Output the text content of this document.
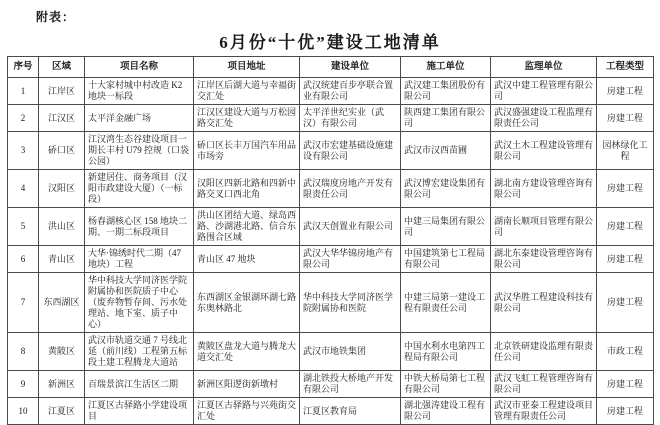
附表：
6月份“十优”建设工地清单
序号	区域	项目名称	项目地址	建设单位	施工单位	监理单位	工程类型
1	江岸区	十大家村城中村改造 K2 地块一标段	江岸区后湖大道与幸福街交汇处	武汉统建百步亭联合置业有限公司	武汉建工集团股份有限公司	武汉中建工程管理有限公司	房建工程
2	江汉区	太平洋金融广场	江汉区建设大道与万松园路交汇处	太平洋世纪实业（武汉）有限公司	陕西建工集团有限公司	武汉盛强建设工程监理有限责任公司	房建工程
3	硚口区	江汉湾生态谷建设项目一期长丰村 U79 控规（口袋公园）	硚口区长丰万国汽车用品市场旁	武汉市宏建基础设施建设有限公司	武汉市汉西苗圃	武汉土木工程建设管理有限公司	园林绿化工程
4	汉阳区	新建居住、商务项目（汉阳市政建设大厦）（一标段）	汉阳区四新北路和四新中路交叉口西北角	武汉瑞度房地产开发有限责任公司	武汉博宏建设集团有限公司	湖北南方建设管理咨询有限公司	房建工程
5	洪山区	杨春湖核心区 158 地块二期、一期二标段项目	洪山区团结大道、绿岛西路、沙湖港北路、信合东路围合区域	武汉天创置业有限公司	中建三局集团有限公司	湖南长顺项目管理有限公司	房建工程
6	青山区	大华·锦绣时代二期（47 地块）工程	青山区 47 地块	武汉大华华锦房地产有限公司	中国建筑第七工程局有限公司	湖北东泰建设管理咨询有限公司	房建工程
7	东西湖区	华中科技大学同济医学院附属协和医院质子中心（废弃物暂存间、污水处理站、地下室、质子中心）	东西湖区金银湖环湖七路东奥林路北	华中科技大学同济医学院附属协和医院	中建三局第一建设工程有限责任公司	武汉华胜工程建设科技有限公司	房建工程
8	黄陂区	武汉市轨道交通 7 号线北延（前川线）工程第五标段土建工程腾龙大道站	黄陂区盘龙大道与腾龙大道交汇处	武汉市地铁集团	中国水利水电第四工程局有限公司	北京铁研建设监理有限责任公司	市政工程
9	新洲区	百瑞景滨江生活区二期	新洲区阳逻街新墩村	湖北铁投大桥地产开发有限公司	中铁大桥局第七工程有限公司	武汉飞虹工程管理咨询有限公司	房建工程
10	江夏区	江夏区古驿路小学建设项目	江夏区古驿路与兴苑街交汇处	江夏区教育局	湖北强涛建设工程有限公司	武汉市亚泰工程建设项目管理有限责任公司	房建工程
